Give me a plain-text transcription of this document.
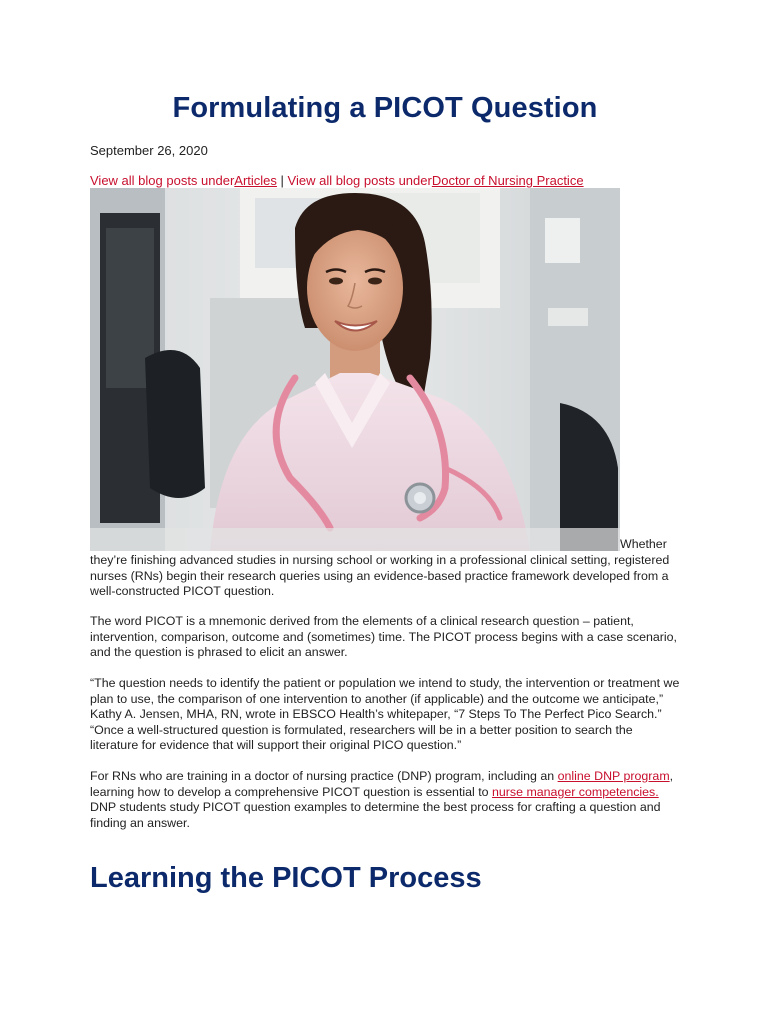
Formulating a PICOT Question
September 26, 2020
View all blog posts underArticles | View all blog posts underDoctor of Nursing Practice
Whether
they’re finishing advanced studies in nursing school or working in a professional clinical setting, registered nurses (RNs) begin their research queries using an evidence-based practice framework developed from a well-constructed PICOT question.

The word PICOT is a mnemonic derived from the elements of a clinical research question – patient, intervention, comparison, outcome and (sometimes) time. The PICOT process begins with a case scenario, and the question is phrased to elicit an answer.

“The question needs to identify the patient or population we intend to study, the intervention or treatment we plan to use, the comparison of one intervention to another (if applicable) and the outcome we anticipate,” Kathy A. Jensen, MHA, RN, wrote in EBSCO Health’s whitepaper, “7 Steps To The Perfect Pico Search.” “Once a well-structured question is formulated, researchers will be in a better position to search the literature for evidence that will support their original PICO question.”

For RNs who are training in a doctor of nursing practice (DNP) program, including an online DNP program, learning how to develop a comprehensive PICOT question is essential to nurse manager competencies. DNP students study PICOT question examples to determine the best process for crafting a question and finding an answer.

Learning the PICOT Process
